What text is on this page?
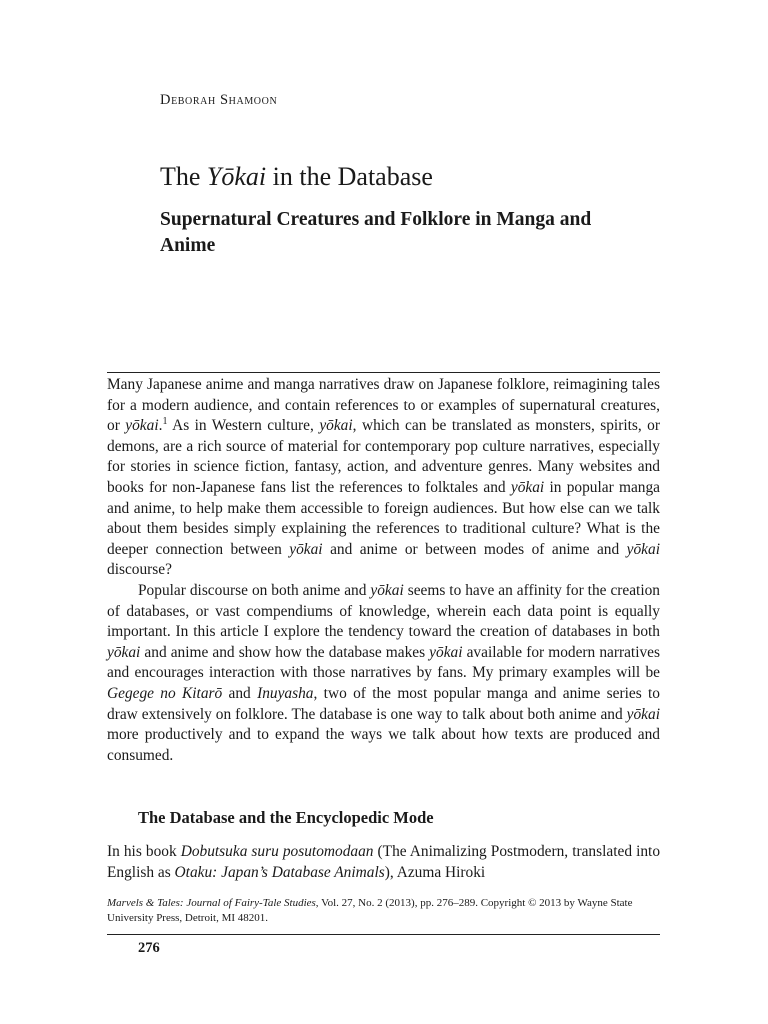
Deborah Shamoon
The Yōkai in the Database
Supernatural Creatures and Folklore in Manga and Anime

Many Japanese anime and manga narratives draw on Japanese folklore, reimagining tales for a modern audience, and contain references to or examples of supernatural creatures, or yōkai.$^1$ As in Western culture, yōkai, which can be translated as monsters, spirits, or demons, are a rich source of material for contemporary pop culture narratives, especially for stories in science fiction, fantasy, action, and adventure genres. Many websites and books for non-Japanese fans list the references to folktales and yōkai in popular manga and anime, to help make them accessible to foreign audiences. But how else can we talk about them besides simply explaining the references to traditional culture? What is the deeper connection between yōkai and anime or between modes of anime and yōkai discourse?

Popular discourse on both anime and yōkai seems to have an affinity for the creation of databases, or vast compendiums of knowledge, wherein each data point is equally important. In this article I explore the tendency toward the creation of databases in both yōkai and anime and show how the database makes yōkai available for modern narratives and encourages interaction with those narratives by fans. My primary examples will be Gegege no Kitarō and Inuyasha, two of the most popular manga and anime series to draw extensively on folklore. The database is one way to talk about both anime and yōkai more productively and to expand the ways we talk about how texts are produced and consumed.

The Database and the Encyclopedic Mode

In his book Dobutsuka suru posutomodaan (The Animalizing Postmodern, translated into English as Otaku: Japan’s Database Animals), Azuma Hiroki

Marvels & Tales: Journal of Fairy-Tale Studies, Vol. 27, No. 2 (2013), pp. 276–289. Copyright © 2013 by Wayne State University Press, Detroit, MI 48201.
276
